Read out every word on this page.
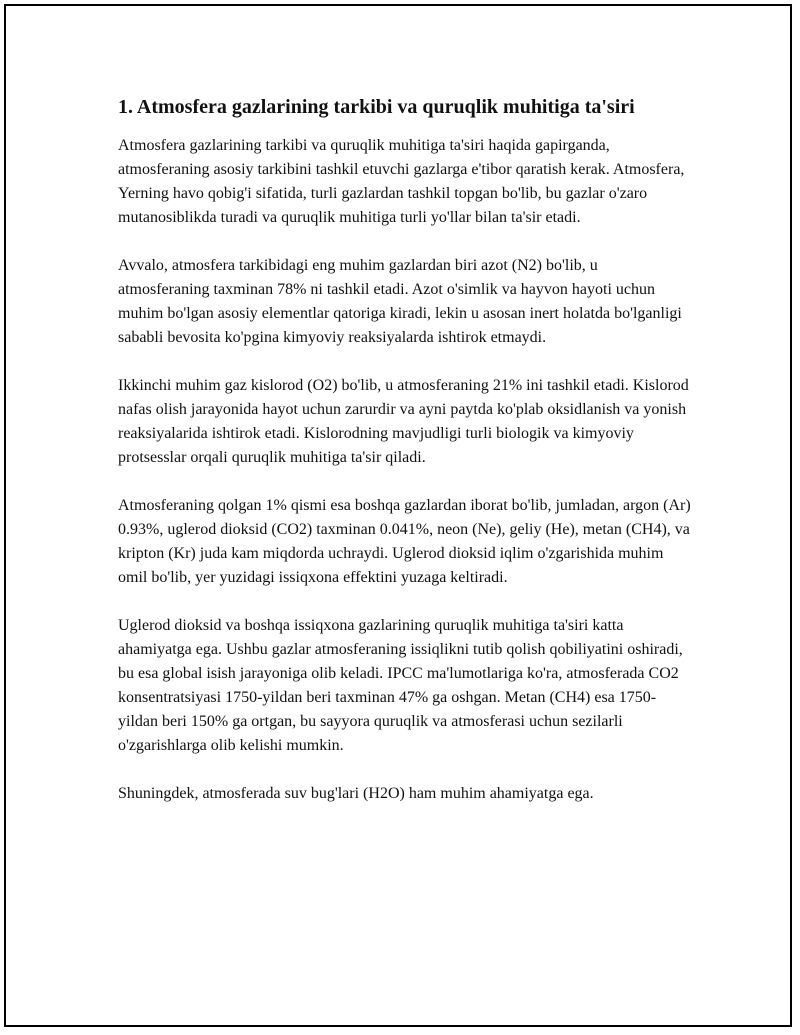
1. Atmosfera gazlarining tarkibi va quruqlik muhitiga ta'siri

Atmosfera gazlarining tarkibi va quruqlik muhitiga ta'siri haqida gapirganda, atmosferaning asosiy tarkibini tashkil etuvchi gazlarga e'tibor qaratish kerak. Atmosfera, Yerning havo qobig'i sifatida, turli gazlardan tashkil topgan bo'lib, bu gazlar o'zaro mutanosiblikda turadi va quruqlik muhitiga turli yo'llar bilan ta'sir etadi.

Avvalo, atmosfera tarkibidagi eng muhim gazlardan biri azot (N2) bo'lib, u atmosferaning taxminan 78% ni tashkil etadi. Azot o'simlik va hayvon hayoti uchun muhim bo'lgan asosiy elementlar qatoriga kiradi, lekin u asosan inert holatda bo'lganligi sababli bevosita ko'pgina kimyoviy reaksiyalarda ishtirok etmaydi.

Ikkinchi muhim gaz kislorod (O2) bo'lib, u atmosferaning 21% ini tashkil etadi. Kislorod nafas olish jarayonida hayot uchun zarurdir va ayni paytda ko'plab oksidlanish va yonish reaksiyalarida ishtirok etadi. Kislorodning mavjudligi turli biologik va kimyoviy protsesslar orqali quruqlik muhitiga ta'sir qiladi.

Atmosferaning qolgan 1% qismi esa boshqa gazlardan iborat bo'lib, jumladan, argon (Ar) 0.93%, uglerod dioksid (CO2) taxminan 0.041%, neon (Ne), geliy (He), metan (CH4), va kripton (Kr) juda kam miqdorda uchraydi. Uglerod dioksid iqlim o'zgarishida muhim omil bo'lib, yer yuzidagi issiqxona effektini yuzaga keltiradi.

Uglerod dioksid va boshqa issiqxona gazlarining quruqlik muhitiga ta'siri katta ahamiyatga ega. Ushbu gazlar atmosferaning issiqlikni tutib qolish qobiliyatini oshiradi, bu esa global isish jarayoniga olib keladi. IPCC ma'lumotlariga ko'ra, atmosferada CO2 konsentratsiyasi 1750-yildan beri taxminan 47% ga oshgan. Metan (CH4) esa 1750-yildan beri 150% ga ortgan, bu sayyora quruqlik va atmosferasi uchun sezilarli o'zgarishlarga olib kelishi mumkin.

Shuningdek, atmosferada suv bug'lari (H2O) ham muhim ahamiyatga ega.
